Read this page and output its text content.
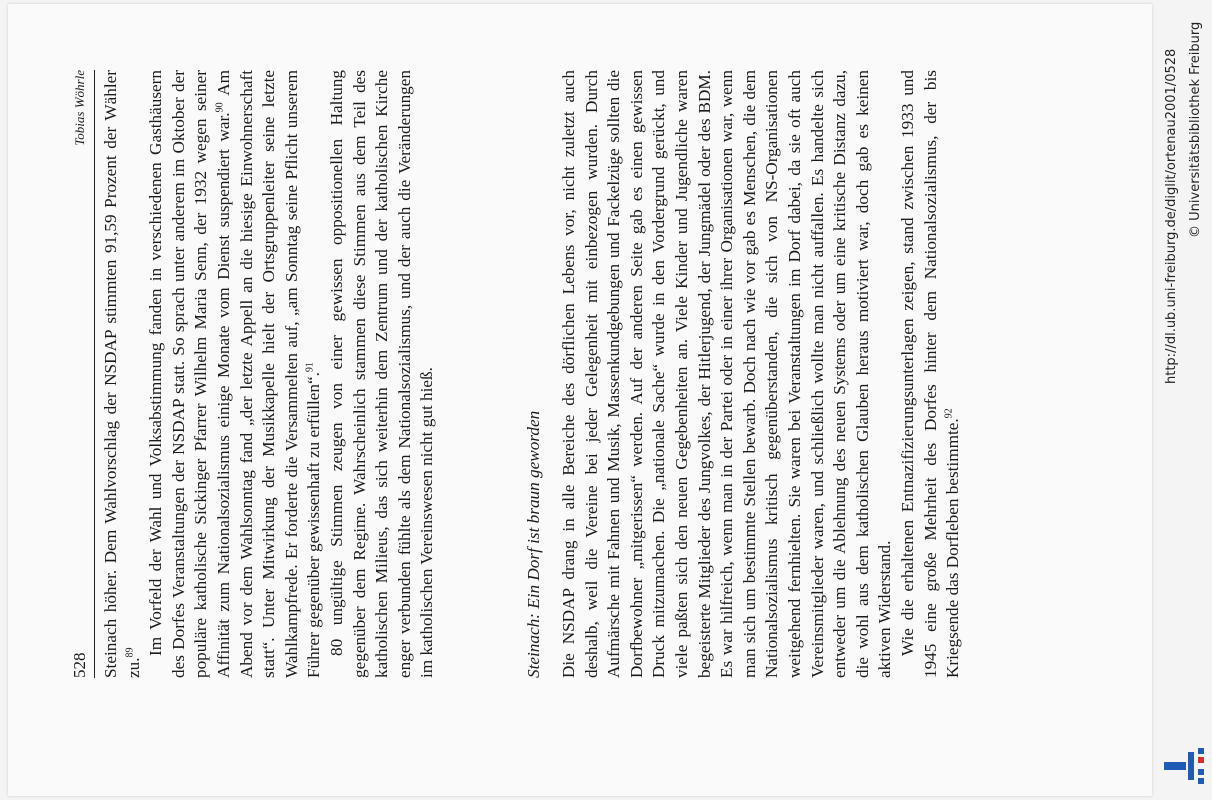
528
Tobias Wöhrle Steinach höher. Dem Wahlvorschlag der NSDAP stimmten 91,59 Prozent der Wähler zu.$^{89}$ Im Vorfeld der Wahl und Volksabstimmung fanden in verschiedenen Gasthäusern des Dorfes Veranstaltungen der NSDAP statt. So sprach unter anderem im Oktober der populäre katholische Sickinger Pfarrer Wilhelm Maria Senn, der 1932 wegen seiner Affinität zum Nationalsozialismus einige Monate vom Dienst suspendiert war.$^{90}$ Am Abend vor dem Wahlsonntag fand „der letzte Appell an die hiesige Einwohnerschaft statt“. Unter Mitwirkung der Musikkapelle hielt der Ortsgruppenleiter seine letzte Wahlkampfrede. Er forderte die Versammelten auf, „am Sonntag seine Pflicht unserem Führer gegenüber gewissenhaft zu erfüllen“.$^{91}$ 80 ungültige Stimmen zeugen von einer gewissen oppositionellen Haltung gegenüber dem Regime. Wahrscheinlich stammen diese Stimmen aus dem Teil des katholischen Milieus, das sich weiterhin dem Zentrum und der katholischen Kirche enger verbunden fühlte als dem Nationalsozialismus, und der auch die Veränderungen im katholischen Vereinswesen nicht gut hieß.	Steinach: Ein Dorf ist braun geworden Die NSDAP drang in alle Bereiche des dörflichen Lebens vor, nicht zuletzt auch deshalb, weil die Vereine bei jeder Gelegenheit mit einbezogen wurden. Durch Aufmärsche mit Fahnen und Musik, Massenkundgebungen und Fackelzüge sollten die Dorfbewohner „mitgerissen“ werden. Auf der anderen Seite gab es einen gewissen Druck mitzumachen. Die „nationale Sache“ wurde in den Vordergrund gerückt, und viele paßten sich den neuen Gegebenheiten an. Viele Kinder und Jugendliche waren begeisterte Mitglieder des Jungvolkes, der Hitlerjugend, der Jungmädel oder des BDM. Es war hilfreich, wenn man in der Partei oder in einer ihrer Organisationen war, wenn man sich um bestimmte Stellen bewarb. Doch nach wie vor gab es Menschen, die dem Nationalsozialismus kritisch gegenüberstanden, die sich von NS-Organisationen weitgehend fernhielten. Sie waren bei Veranstaltungen im Dorf dabei, da sie oft auch Vereinsmitglieder waren, und schließlich wollte man nicht auffallen. Es handelte sich entweder um die Ablehnung des neuen Systems oder um eine kritische Distanz dazu, die wohl aus dem katholischen Glauben heraus motiviert war, doch gab es keinen aktiven Widerstand. Wie die erhaltenen Entnazifizierungsunterlagen zeigen, stand zwischen 1933 und 1945 eine große Mehrheit des Dorfes hinter dem Nationalsozialismus, der bis Kriegsende das Dorfleben bestimmte.$^{92}$

http://dl.ub.uni-freiburg.de/diglit/ortenau2001/0528 © Universitätsbibliothek Freiburg
